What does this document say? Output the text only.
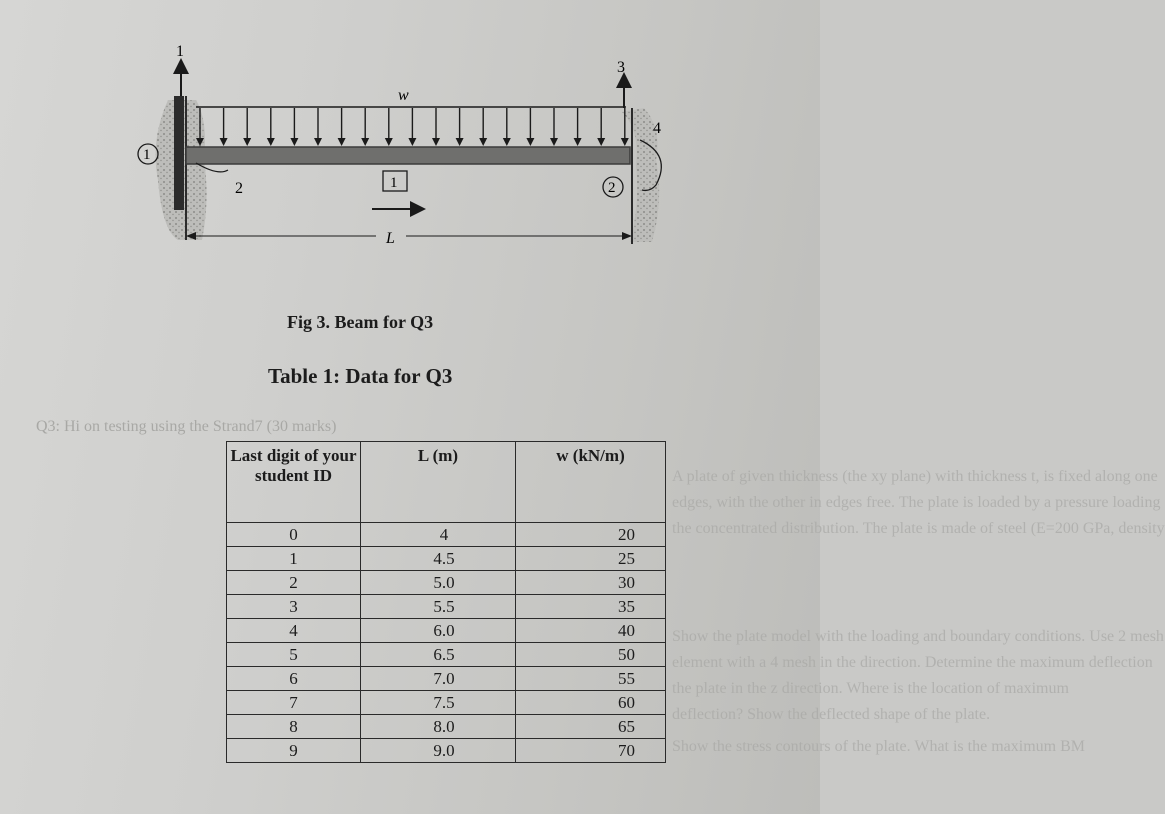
Q3: Hi on testing using the Strand7 (30 marks)
A plate of given thickness (the xy plane) with thickness t, is fixed along one
edges, with the other in edges free. The plate is loaded by a pressure loading
the concentrated distribution. The plate is made of steel (E=200 GPa, density
Show the plate model with the loading and boundary conditions. Use 2 mesh
element with a 4 mesh in the direction. Determine the maximum deflection
the plate in the z direction. Where is the location of maximum
deflection? Show the deflected shape of the plate.
Show the stress contours of the plate. What is the maximum BM
w
1
2
3
4
1
2
1
L
Fig 3. Beam for Q3
Table 1: Data for Q3
Last digit of your student ID	L (m)	w (kN/m)
0	4	20
1	4.5	25
2	5.0	30
3	5.5	35
4	6.0	40
5	6.5	50
6	7.0	55
7	7.5	60
8	8.0	65
9	9.0	70
